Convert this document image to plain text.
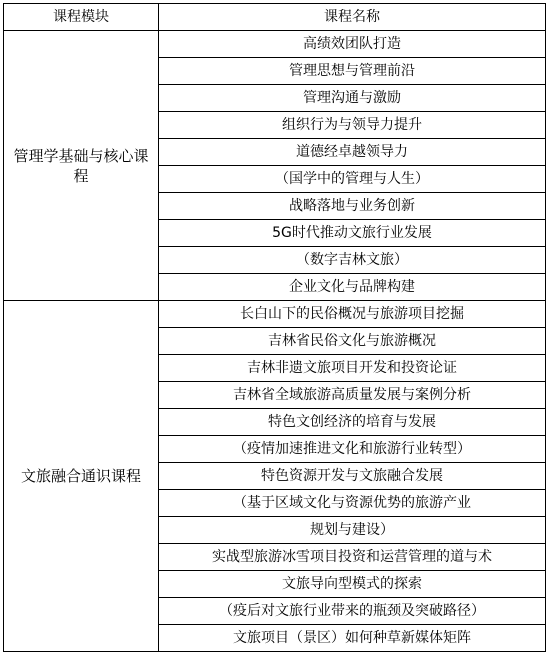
课程模块	课程名称
管理学基础与核心课程	高绩效团队打造
	管理思想与管理前沿
	管理沟通与激励
	组织行为与领导力提升
	道德经卓越领导力
	（国学中的管理与人生）
	战略落地与业务创新
	5G时代推动文旅行业发展
	（数字吉林文旅）
	企业文化与品牌构建
文旅融合通识课程	长白山下的民俗概况与旅游项目挖掘
	吉林省民俗文化与旅游概况
	吉林非遗文旅项目开发和投资论证
	吉林省全域旅游高质量发展与案例分析
	特色文创经济的培育与发展
	（疫情加速推进文化和旅游行业转型）
	特色资源开发与文旅融合发展
	（基于区域文化与资源优势的旅游产业
	规划与建设）
	实战型旅游冰雪项目投资和运营管理的道与术
	文旅导向型模式的探索
	（疫后对文旅行业带来的瓶颈及突破路径）
	文旅项目（景区）如何种草新媒体矩阵
